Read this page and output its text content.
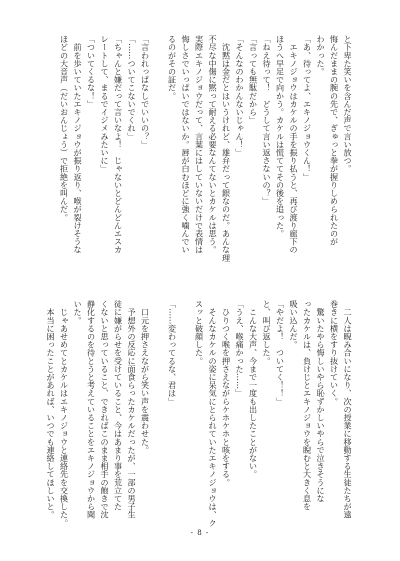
と下卑た笑いを含んだ声で言い放つ。
悔んだままの腕の先で、ぎゅっと拳が握りしめられたのが
わかった。
「あ、待ってよ、エキノジョウくん！」
　エキノジョウはカケルの手を振り払うと、再び渡り廊下の
ほうへ早足で向かう。カケルは慌ててその後を追った。
「ねえ待って！　どうして言い返さないの？」
「言っても無駄だから」
「そんなのわかんないじゃん！」
　沈黙は金だとはいうけれど、雄弁だって銀なのだ。あんな理
不尽な中傷に黙って耐える必要なんてないとカケルは思う。
実際エキノジョウだって、言葉にはしていないだけで表情は
悔しさでいっぱいではないか。唇が白むほどに強く噛んでい
るのがその証だ。
「言われっぱなしでいいの？」
「……ついてこないでくれ」
「ちゃんと嫌だって言いなよ！　じゃないとどんどんエスカ
レートして、まるでイジメみたいに」
「ついてくるな！」
　前を歩いていたエキノジョウが振り返り、喉が裂けそうな
ほどの大音声（だいおんじょう）で拒絶を叫んだ。
　二人は睨み合いになり、次の授業に移動する生徒たちが遠
巻きに横をすり抜けていく。
　驚いたやら悔しいやら恥ずかしいやらで泣きそうにな
ったカケルは、負けじとエキノジョウを睨むと大きく息を
吸い込んだ。
「やだよ！　ついてく！！」
と、叫び返した。
　こんな大声、今まで一度も出したことがない。
「うえ、喉痛かった……」
　ひりつく喉を押さえながらケホケホと咳をする。
　そんなカケルの姿に呆気にとられていたエキノジョウは、ク
スッと破顔した。
「……変わってるな、君は」
　口元を押さえながら笑い声を震わせた。
　予想外の反応に面食らったカケルだったが、一部の男子生
徒に嫌がらせを受けていること、今はあまり事を荒立てた
くないと思っていること、できればこのまま相手の飽きで沈
静化するのを待とうと考えていることをエキノジョウから聞
いた。
　じゃあせめてとカケルはエキノジョウと連絡先を交換した。
　本当に困ったことがあれば、いつでも連絡してほしいと。
- 8 -
